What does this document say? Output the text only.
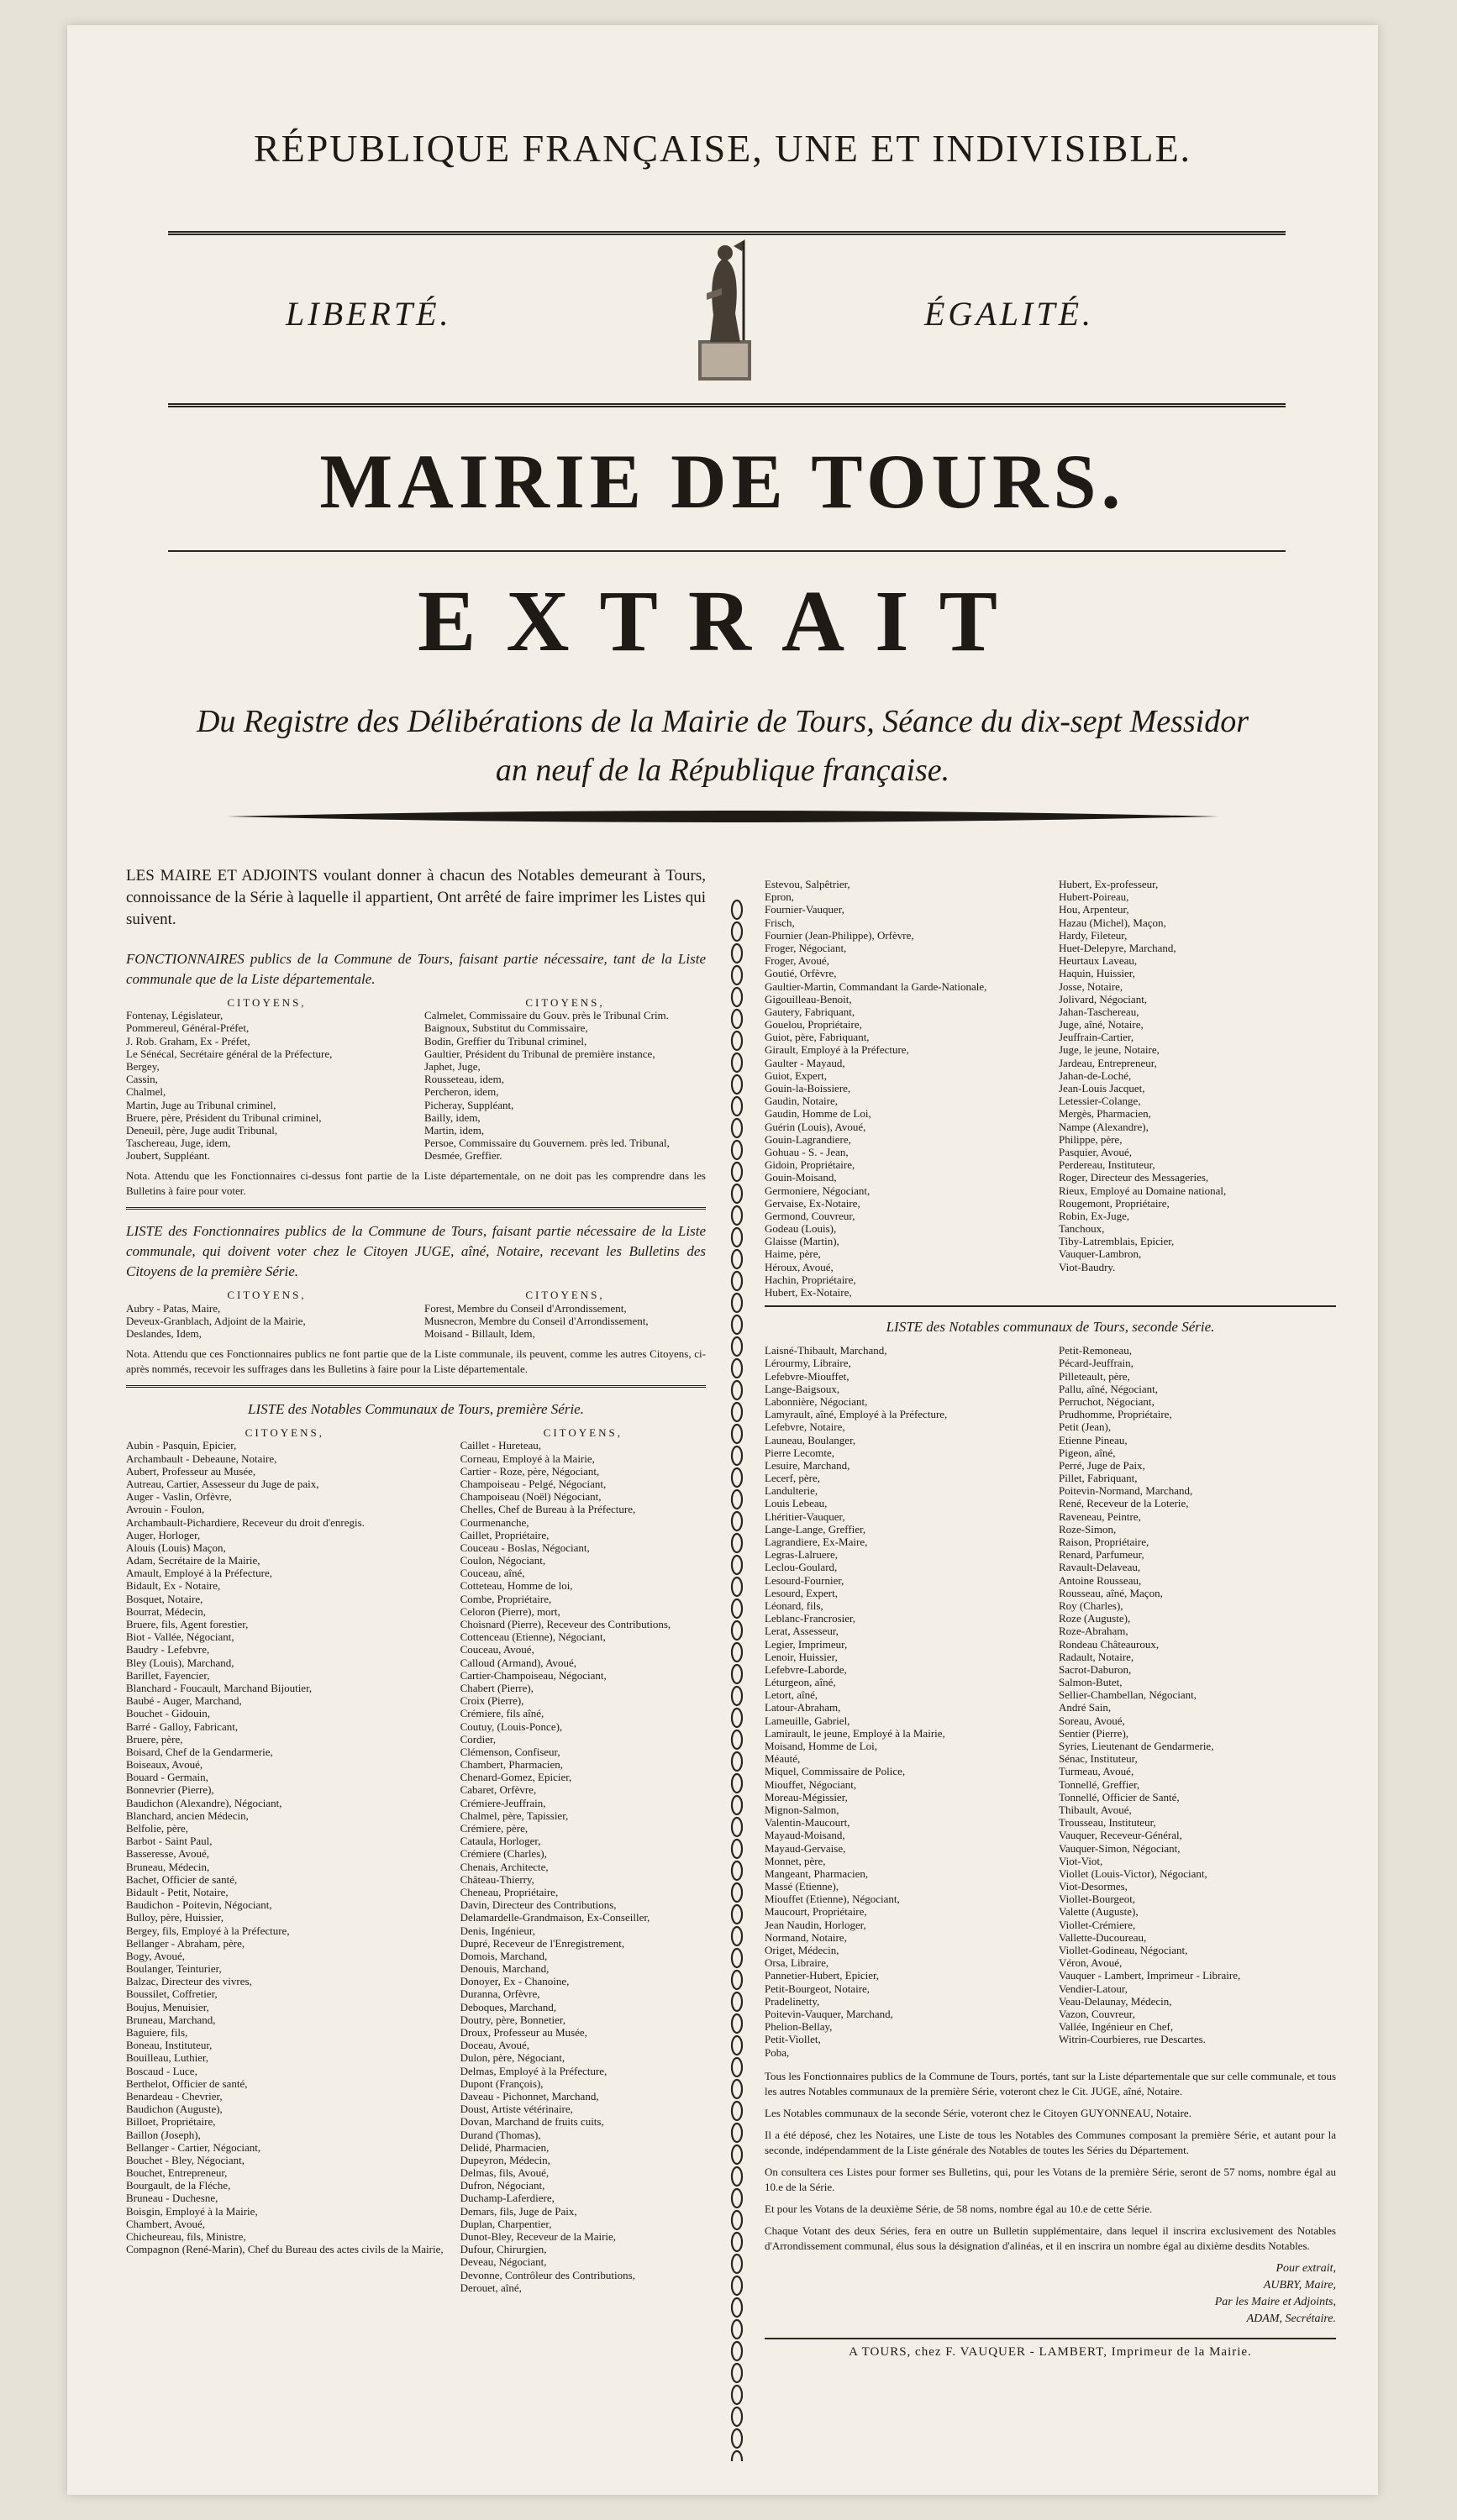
RÉPUBLIQUE FRANÇAISE, UNE ET INDIVISIBLE.
LIBERTÉ.	ÉGALITÉ.
MAIRIE DE TOURS.
EXTRAIT
Du Registre des Délibérations de la Mairie de Tours, Séance du dix-sept Messidor an neuf de la République française.

LES MAIRE ET ADJOINTS voulant donner à chacun des Notables demeurant à Tours, connoissance de la Série à laquelle il appartient, Ont arrêté de faire imprimer les Listes qui suivent.

FONCTIONNAIRES publics de la Commune de Tours, faisant partie nécessaire, tant de la Liste communale que de la Liste départementale.

CITOYENS,
Fontenay, Législateur,
Pommereul, Général-Préfet,
J. Rob. Graham, Ex - Préfet,
Le Sénécal, Secrétaire général de la Préfecture,
Bergey,
Cassin,
Chalmel,
Martin, Juge au Tribunal criminel,
Bruere, père, Président du Tribunal criminel,
Deneuil, père, Juge audit Tribunal,
Taschereau, Juge, idem,
Joubert, Suppléant.
CITOYENS,
Calmelet, Commissaire du Gouv. près le Tribunal Crim.
Baignoux, Substitut du Commissaire,
Bodin, Greffier du Tribunal criminel,
Gaultier, Président du Tribunal de première instance,
Japhet, Juge,
Rousseteau, idem,
Percheron, idem,
Picheray, Suppléant,
Bailly, idem,
Martin, idem,
Persoe, Commissaire du Gouvernem. près led. Tribunal,
Desmée, Greffier.

Nota. Attendu que les Fonctionnaires ci-dessus font partie de la Liste départementale, on ne doit pas les comprendre dans les Bulletins à faire pour voter.

LISTE des Fonctionnaires publics de la Commune de Tours, faisant partie nécessaire de la Liste communale, qui doivent voter chez le Citoyen JUGE, aîné, Notaire, recevant les Bulletins des Citoyens de la première Série.

CITOYENS,
Aubry - Patas, Maire,
Deveux-Granblach, Adjoint de la Mairie,
Deslandes, Idem,
CITOYENS,
Forest, Membre du Conseil d'Arrondissement,
Musnecron, Membre du Conseil d'Arrondissement,
Moisand - Billault, Idem,

Nota. Attendu que ces Fonctionnaires publics ne font partie que de la Liste communale, ils peuvent, comme les autres Citoyens, ci-après nommés, recevoir les suffrages dans les Bulletins à faire pour la Liste départementale.

LISTE des Notables Communaux de Tours, première Série.

CITOYENS,
Aubin - Pasquin, Epicier,
Archambault - Debeaune, Notaire,
Aubert, Professeur au Musée,
Autreau, Cartier, Assesseur du Juge de paix,
Auger - Vaslin, Orfèvre,
Avrouin - Foulon,
Archambault-Pichardiere, Receveur du droit d'enregis.
Auger, Horloger,
Alouis (Louis) Maçon,
Adam, Secrétaire de la Mairie,
Amault, Employé à la Préfecture,
Bidault, Ex - Notaire,
Bosquet, Notaire,
Bourrat, Médecin,
Bruere, fils, Agent forestier,
Biot - Vallée, Négociant,
Baudry - Lefebvre,
Bley (Louis), Marchand,
Barillet, Fayencier,
Blanchard - Foucault, Marchand Bijoutier,
Baubé - Auger, Marchand,
Bouchet - Gidouin,
Barré - Galloy, Fabricant,
Bruere, père,
Boisard, Chef de la Gendarmerie,
Boiseaux, Avoué,
Bouard - Germain,
Bonnevrier (Pierre),
Baudichon (Alexandre), Négociant,
Blanchard, ancien Médecin,
Belfolie, père,
Barbot - Saint Paul,
Basseresse, Avoué,
Bruneau, Médecin,
Bachet, Officier de santé,
Bidault - Petit, Notaire,
Baudichon - Poitevin, Négociant,
Bulloy, père, Huissier,
Bergey, fils, Employé à la Préfecture,
Bellanger - Abraham, père,
Bogy, Avoué,
Boulanger, Teinturier,
Balzac, Directeur des vivres,
Boussilet, Coffretier,
Boujus, Menuisier,
Bruneau, Marchand,
Baguiere, fils,
Boneau, Instituteur,
Bouilleau, Luthier,
Boscaud - Luce,
Berthelot, Officier de santé,
Benardeau - Chevrier,
Baudichon (Auguste),
Billoet, Propriétaire,
Baillon (Joseph),
Bellanger - Cartier, Négociant,
Bouchet - Bley, Négociant,
Bouchet, Entrepreneur,
Bourgault, de la Fléche,
Bruneau - Duchesne,
Boisgin, Employé à la Mairie,
Chambert, Avoué,
Chicheureau, fils, Ministre,
Compagnon (René-Marin), Chef du Bureau des actes civils de la Mairie,
CITOYENS,
Caillet - Hureteau,
Corneau, Employé à la Mairie,
Cartier - Roze, père, Négociant,
Champoiseau - Pelgé, Négociant,
Champoiseau (Noël) Négociant,
Chelles, Chef de Bureau à la Préfecture,
Courmenanche,
Caillet, Propriétaire,
Couceau - Boslas, Négociant,
Coulon, Négociant,
Couceau, aîné,
Cotteteau, Homme de loi,
Combe, Propriétaire,
Celoron (Pierre), mort,
Choisnard (Pierre), Receveur des Contributions,
Cottenceau (Etienne), Négociant,
Couceau, Avoué,
Calloud (Armand), Avoué,
Cartier-Champoiseau, Négociant,
Chabert (Pierre),
Croix (Pierre),
Crémiere, fils aîné,
Coutuy, (Louis-Ponce),
Cordier,
Clémenson, Confiseur,
Chambert, Pharmacien,
Chenard-Gomez, Epicier,
Cabaret, Orfèvre,
Crémiere-Jeuffrain,
Chalmel, père, Tapissier,
Crémiere, père,
Cataula, Horloger,
Crémiere (Charles),
Chenais, Architecte,
Château-Thierry,
Cheneau, Propriétaire,
Davin, Directeur des Contributions,
Delamardelle-Grandmaison, Ex-Conseiller,
Denis, Ingénieur,
Dupré, Receveur de l'Enregistrement,
Domois, Marchand,
Denouis, Marchand,
Donoyer, Ex - Chanoine,
Duranna, Orfèvre,
Deboques, Marchand,
Doutry, père, Bonnetier,
Droux, Professeur au Musée,
Doceau, Avoué,
Dulon, père, Négociant,
Delmas, Employé à la Préfecture,
Dupont (François),
Daveau - Pichonnet, Marchand,
Doust, Artiste vétérinaire,
Dovan, Marchand de fruits cuits,
Durand (Thomas),
Delidé, Pharmacien,
Dupeyron, Médecin,
Delmas, fils, Avoué,
Dufron, Négociant,
Duchamp-Laferdiere,
Demars, fils, Juge de Paix,
Duplan, Charpentier,
Dunot-Bley, Receveur de la Mairie,
Dufour, Chirurgien,
Deveau, Négociant,
Devonne, Contrôleur des Contributions,
Derouet, aîné,
Estevou, Salpêtrier,
Epron,
Fournier-Vauquer,
Frisch,
Fournier (Jean-Philippe), Orfèvre,
Froger, Négociant,
Froger, Avoué,
Goutié, Orfèvre,
Gaultier-Martin, Commandant la Garde-Nationale,
Gigouilleau-Benoit,
Gautery, Fabriquant,
Gouelou, Propriétaire,
Guiot, père, Fabriquant,
Girault, Employé à la Préfecture,
Gaulter - Mayaud,
Guiot, Expert,
Gouin-la-Boissiere,
Gaudin, Notaire,
Gaudin, Homme de Loi,
Guérin (Louis), Avoué,
Gouin-Lagrandiere,
Gohuau - S. - Jean,
Gidoin, Propriétaire,
Gouin-Moisand,
Germoniere, Négociant,
Gervaise, Ex-Notaire,
Germond, Couvreur,
Godeau (Louis),
Glaisse (Martin),
Haime, père,
Héroux, Avoué,
Hachin, Propriétaire,
Hubert, Ex-Notaire,
Hubert, Ex-professeur,
Hubert-Poireau,
Hou, Arpenteur,
Hazau (Michel), Maçon,
Hardy, Fileteur,
Huet-Delepyre, Marchand,
Heurtaux Laveau,
Haquin, Huissier,
Josse, Notaire,
Jolivard, Négociant,
Jahan-Taschereau,
Juge, aîné, Notaire,
Jeuffrain-Cartier,
Juge, le jeune, Notaire,
Jardeau, Entrepreneur,
Jahan-de-Loché,
Jean-Louis Jacquet,
Letessier-Colange,
Mergès, Pharmacien,
Nampe (Alexandre),
Philippe, père,
Pasquier, Avoué,
Perdereau, Instituteur,
Roger, Directeur des Messageries,
Rieux, Employé au Domaine national,
Rougemont, Propriétaire,
Robin, Ex-Juge,
Tanchoux,
Tiby-Latremblais, Epicier,
Vauquer-Lambron,
Viot-Baudry.

LISTE des Notables communaux de Tours, seconde Série.

Laisné-Thibault, Marchand,
Lérourmy, Libraire,
Lefebvre-Miouffet,
Lange-Baigsoux,
Labonnière, Négociant,
Lamyrault, aîné, Employé à la Préfecture,
Lefebvre, Notaire,
Launeau, Boulanger,
Pierre Lecomte,
Lesuire, Marchand,
Lecerf, père,
Landulterie,
Louis Lebeau,
Lhéritier-Vauquer,
Lange-Lange, Greffier,
Lagrandiere, Ex-Maire,
Legras-Lalruere,
Leclou-Goulard,
Lesourd-Fournier,
Lesourd, Expert,
Léonard, fils,
Leblanc-Francrosier,
Lerat, Assesseur,
Legier, Imprimeur,
Lenoir, Huissier,
Lefebvre-Laborde,
Léturgeon, aîné,
Letort, aîné,
Latour-Abraham,
Lameuille, Gabriel,
Lamirault, le jeune, Employé à la Mairie,
Moisand, Homme de Loi,
Méauté,
Miquel, Commissaire de Police,
Miouffet, Négociant,
Moreau-Mégissier,
Mignon-Salmon,
Valentin-Maucourt,
Mayaud-Moisand,
Mayaud-Gervaise,
Monnet, père,
Mangeant, Pharmacien,
Massé (Etienne),
Miouffet (Etienne), Négociant,
Maucourt, Propriétaire,
Jean Naudin, Horloger,
Normand, Notaire,
Origet, Médecin,
Orsa, Libraire,
Pannetier-Hubert, Epicier,
Petit-Bourgeot, Notaire,
Pradelinetty,
Poitevin-Vauquer, Marchand,
Phelion-Bellay,
Petit-Viollet,
Poba,
Petit-Remoneau,
Pécard-Jeuffrain,
Pilleteault, père,
Pallu, aîné, Négociant,
Perruchot, Négociant,
Prudhomme, Propriétaire,
Petit (Jean),
Etienne Pineau,
Pigeon, aîné,
Perré, Juge de Paix,
Pillet, Fabriquant,
Poitevin-Normand, Marchand,
René, Receveur de la Loterie,
Raveneau, Peintre,
Roze-Simon,
Raison, Propriétaire,
Renard, Parfumeur,
Ravault-Delaveau,
Antoine Rousseau,
Rousseau, aîné, Maçon,
Roy (Charles),
Roze (Auguste),
Roze-Abraham,
Rondeau Châteauroux,
Radault, Notaire,
Sacrot-Daburon,
Salmon-Butet,
Sellier-Chambellan, Négociant,
André Sain,
Soreau, Avoué,
Sentier (Pierre),
Syries, Lieutenant de Gendarmerie,
Sénac, Instituteur,
Turmeau, Avoué,
Tonnellé, Greffier,
Tonnellé, Officier de Santé,
Thibault, Avoué,
Trousseau, Instituteur,
Vauquer, Receveur-Général,
Vauquer-Simon, Négociant,
Viot-Viot,
Viollet (Louis-Victor), Négociant,
Viot-Desormes,
Viollet-Bourgeot,
Valette (Auguste),
Viollet-Crémiere,
Vallette-Ducoureau,
Viollet-Godineau, Négociant,
Véron, Avoué,
Vauquer - Lambert, Imprimeur - Libraire,
Vendier-Latour,
Veau-Delaunay, Médecin,
Vazon, Couvreur,
Vallée, Ingénieur en Chef,
Witrin-Courbieres, rue Descartes.

Tous les Fonctionnaires publics de la Commune de Tours, portés, tant sur la Liste départementale que sur celle communale, et tous les autres Notables communaux de la première Série, voteront chez le Cit. JUGE, aîné, Notaire.

Les Notables communaux de la seconde Série, voteront chez le Citoyen GUYONNEAU, Notaire.

Il a été déposé, chez les Notaires, une Liste de tous les Notables des Communes composant la première Série, et autant pour la seconde, indépendamment de la Liste générale des Notables de toutes les Séries du Département.

On consultera ces Listes pour former ses Bulletins, qui, pour les Votans de la première Série, seront de 57 noms, nombre égal au 10.e de la Série.

Et pour les Votans de la deuxième Série, de 58 noms, nombre égal au 10.e de cette Série.

Chaque Votant des deux Séries, fera en outre un Bulletin supplémentaire, dans lequel il inscrira exclusivement des Notables d'Arrondissement communal, élus sous la désignation d'alinéas, et il en inscrira un nombre égal au dixième desdits Notables.

Pour extrait,
AUBRY, Maire,
Par les Maire et Adjoints,
ADAM, Secrétaire.
A TOURS, chez F. VAUQUER - LAMBERT, Imprimeur de la Mairie.
